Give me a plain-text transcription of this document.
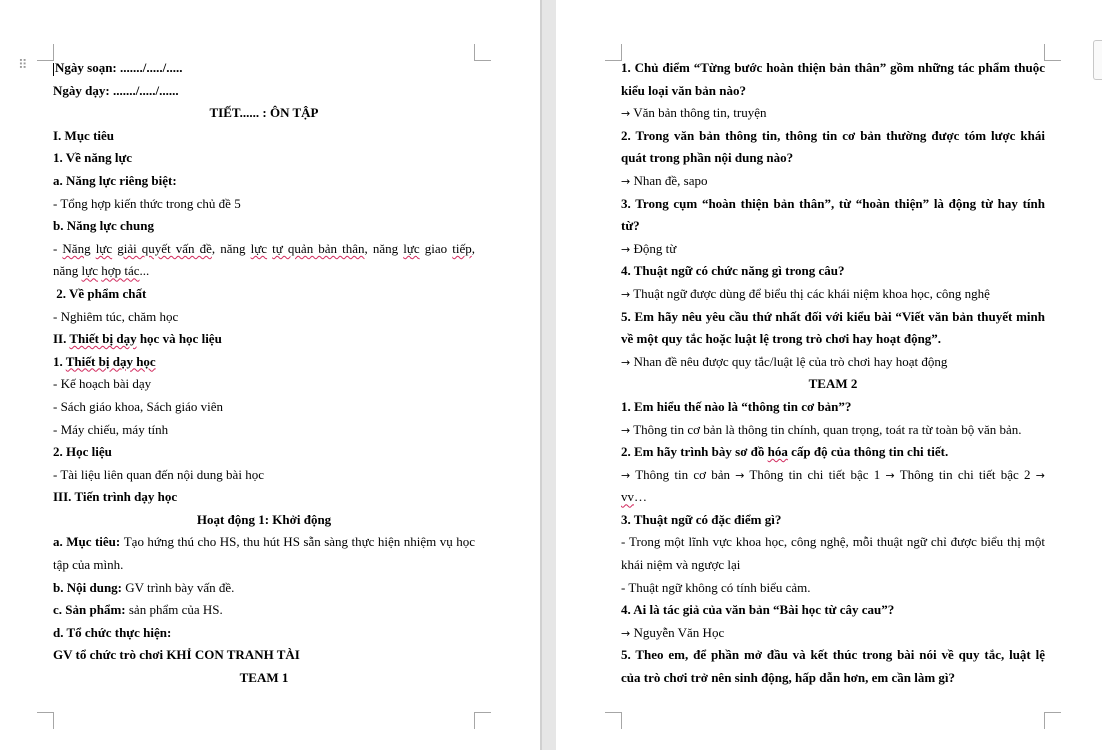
⠿ Ngày soạn: ......./...../.....
Ngày dạy: ......./...../......
TIẾT...... : ÔN TẬP
I. Mục tiêu
1. Về năng lực
a. Năng lực riêng biệt:
- Tổng hợp kiến thức trong chủ đề 5
b. Năng lực chung
- Năng lực giải quyết vấn đề, năng lực tự quản bản thân, năng lực giao tiếp,
năng lực hợp tác...
2. Về phẩm chất
- Nghiêm túc, chăm học
II. Thiết bị dạy học và học liệu
1. Thiết bị dạy học
- Kế hoạch bài dạy
- Sách giáo khoa, Sách giáo viên
- Máy chiếu, máy tính
2. Học liệu
- Tài liệu liên quan đến nội dung bài học
III. Tiến trình dạy học
Hoạt động 1: Khởi động
a. Mục tiêu: Tạo hứng thú cho HS, thu hút HS sẵn sàng thực hiện nhiệm vụ học
tập của mình.
b. Nội dung: GV trình bày vấn đề.
c. Sản phẩm: sản phẩm của HS.
d. Tổ chức thực hiện:
GV tổ chức trò chơi KHỈ CON TRANH TÀI
TEAM 1
1. Chủ điểm “Từng bước hoàn thiện bản thân” gồm những tác phẩm thuộc
kiểu loại văn bản nào?
→ Văn bản thông tin, truyện
2. Trong văn bản thông tin, thông tin cơ bản thường được tóm lược khái
quát trong phần nội dung nào?
→ Nhan đề, sapo
3. Trong cụm “hoàn thiện bản thân”, từ “hoàn thiện” là động từ hay tính
từ?
→ Động từ
4. Thuật ngữ có chức năng gì trong câu?
→ Thuật ngữ được dùng để biểu thị các khái niệm khoa học, công nghệ
5. Em hãy nêu yêu cầu thứ nhất đối với kiểu bài “Viết văn bản thuyết minh
về một quy tắc hoặc luật lệ trong trò chơi hay hoạt động”.
→ Nhan đề nêu được quy tắc/luật lệ của trò chơi hay hoạt động
TEAM 2
1. Em hiểu thế nào là “thông tin cơ bản”?
→ Thông tin cơ bản là thông tin chính, quan trọng, toát ra từ toàn bộ văn bản.
2. Em hãy trình bày sơ đồ hóa cấp độ của thông tin chi tiết.
→ Thông tin cơ bản → Thông tin chi tiết bậc 1 → Thông tin chi tiết bậc 2 →
vv…
3. Thuật ngữ có đặc điểm gì?
- Trong một lĩnh vực khoa học, công nghệ, mỗi thuật ngữ chỉ được biểu thị một
khái niệm và ngược lại
- Thuật ngữ không có tính biểu cảm.
4. Ai là tác giả của văn bản “Bài học từ cây cau”?
→ Nguyễn Văn Học
5. Theo em, để phần mở đầu và kết thúc trong bài nói về quy tắc, luật lệ
của trò chơi trở nên sinh động, hấp dẫn hơn, em cần làm gì?
